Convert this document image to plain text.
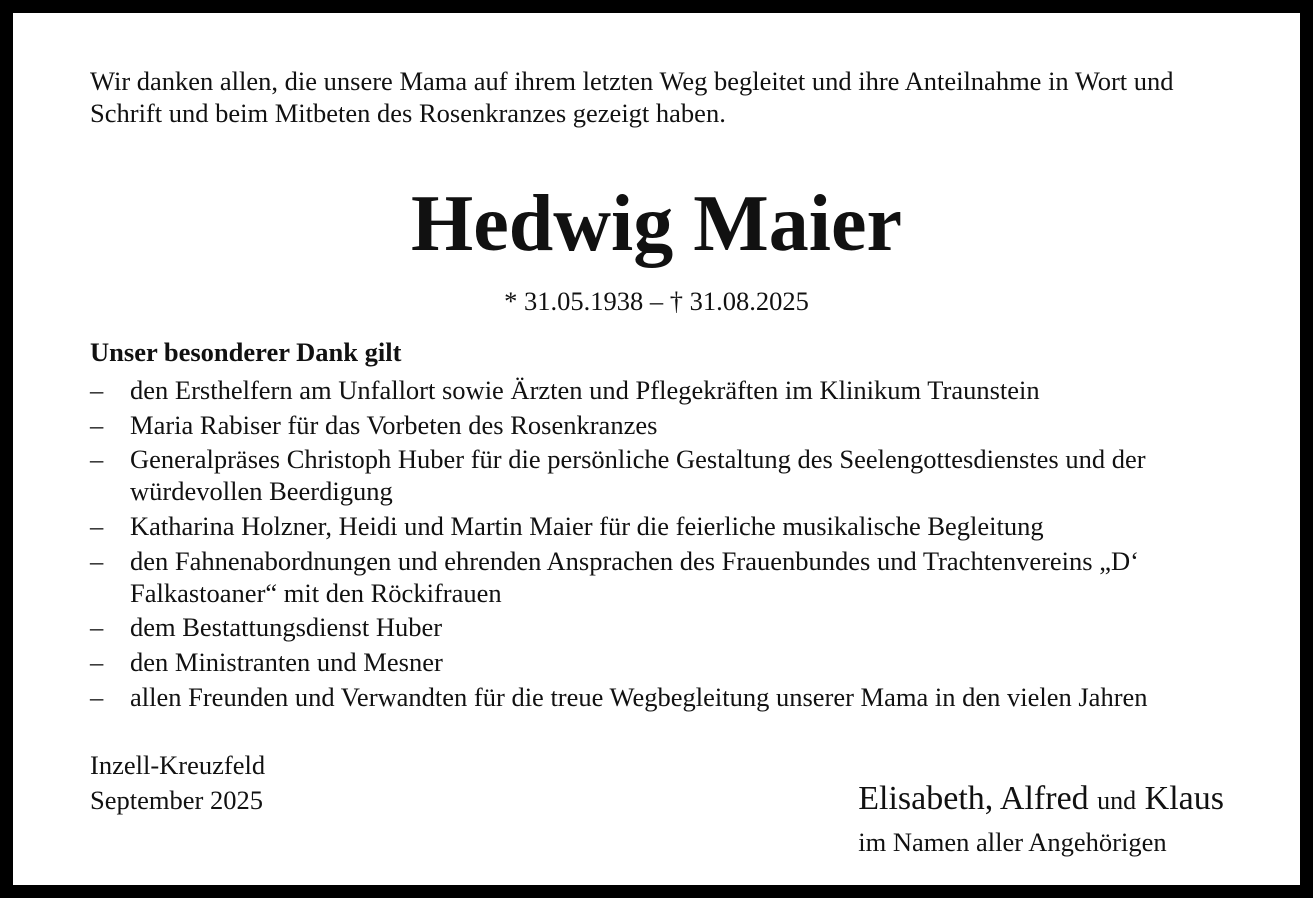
Wir danken allen, die unsere Mama auf ihrem letzten Weg begleitet und ihre Anteilnahme in Wort und Schrift und beim Mitbeten des Rosenkranzes gezeigt haben.

Hedwig Maier
* 31.05.1938 – † 31.08.2025
Unser besonderer Dank gilt
– den Ersthelfern am Unfallort sowie Ärzten und Pflegekräften im Klinikum Traunstein
– Maria Rabiser für das Vorbeten des Rosenkranzes
– Generalpräses Christoph Huber für die persönliche Gestaltung des Seelengottesdienstes und der würdevollen Beerdigung
– Katharina Holzner, Heidi und Martin Maier für die feierliche musikalische Begleitung
– den Fahnenabordnungen und ehrenden Ansprachen des Frauenbundes und Trachtenvereins „D‘ Falkastoaner“ mit den Röckifrauen
– dem Bestattungsdienst Huber
– den Ministranten und Mesner
– allen Freunden und Verwandten für die treue Wegbegleitung unserer Mama in den vielen Jahren
Inzell-Kreuzfeld
September 2025	Elisabeth, Alfred und Klaus
im Namen aller Angehörigen
